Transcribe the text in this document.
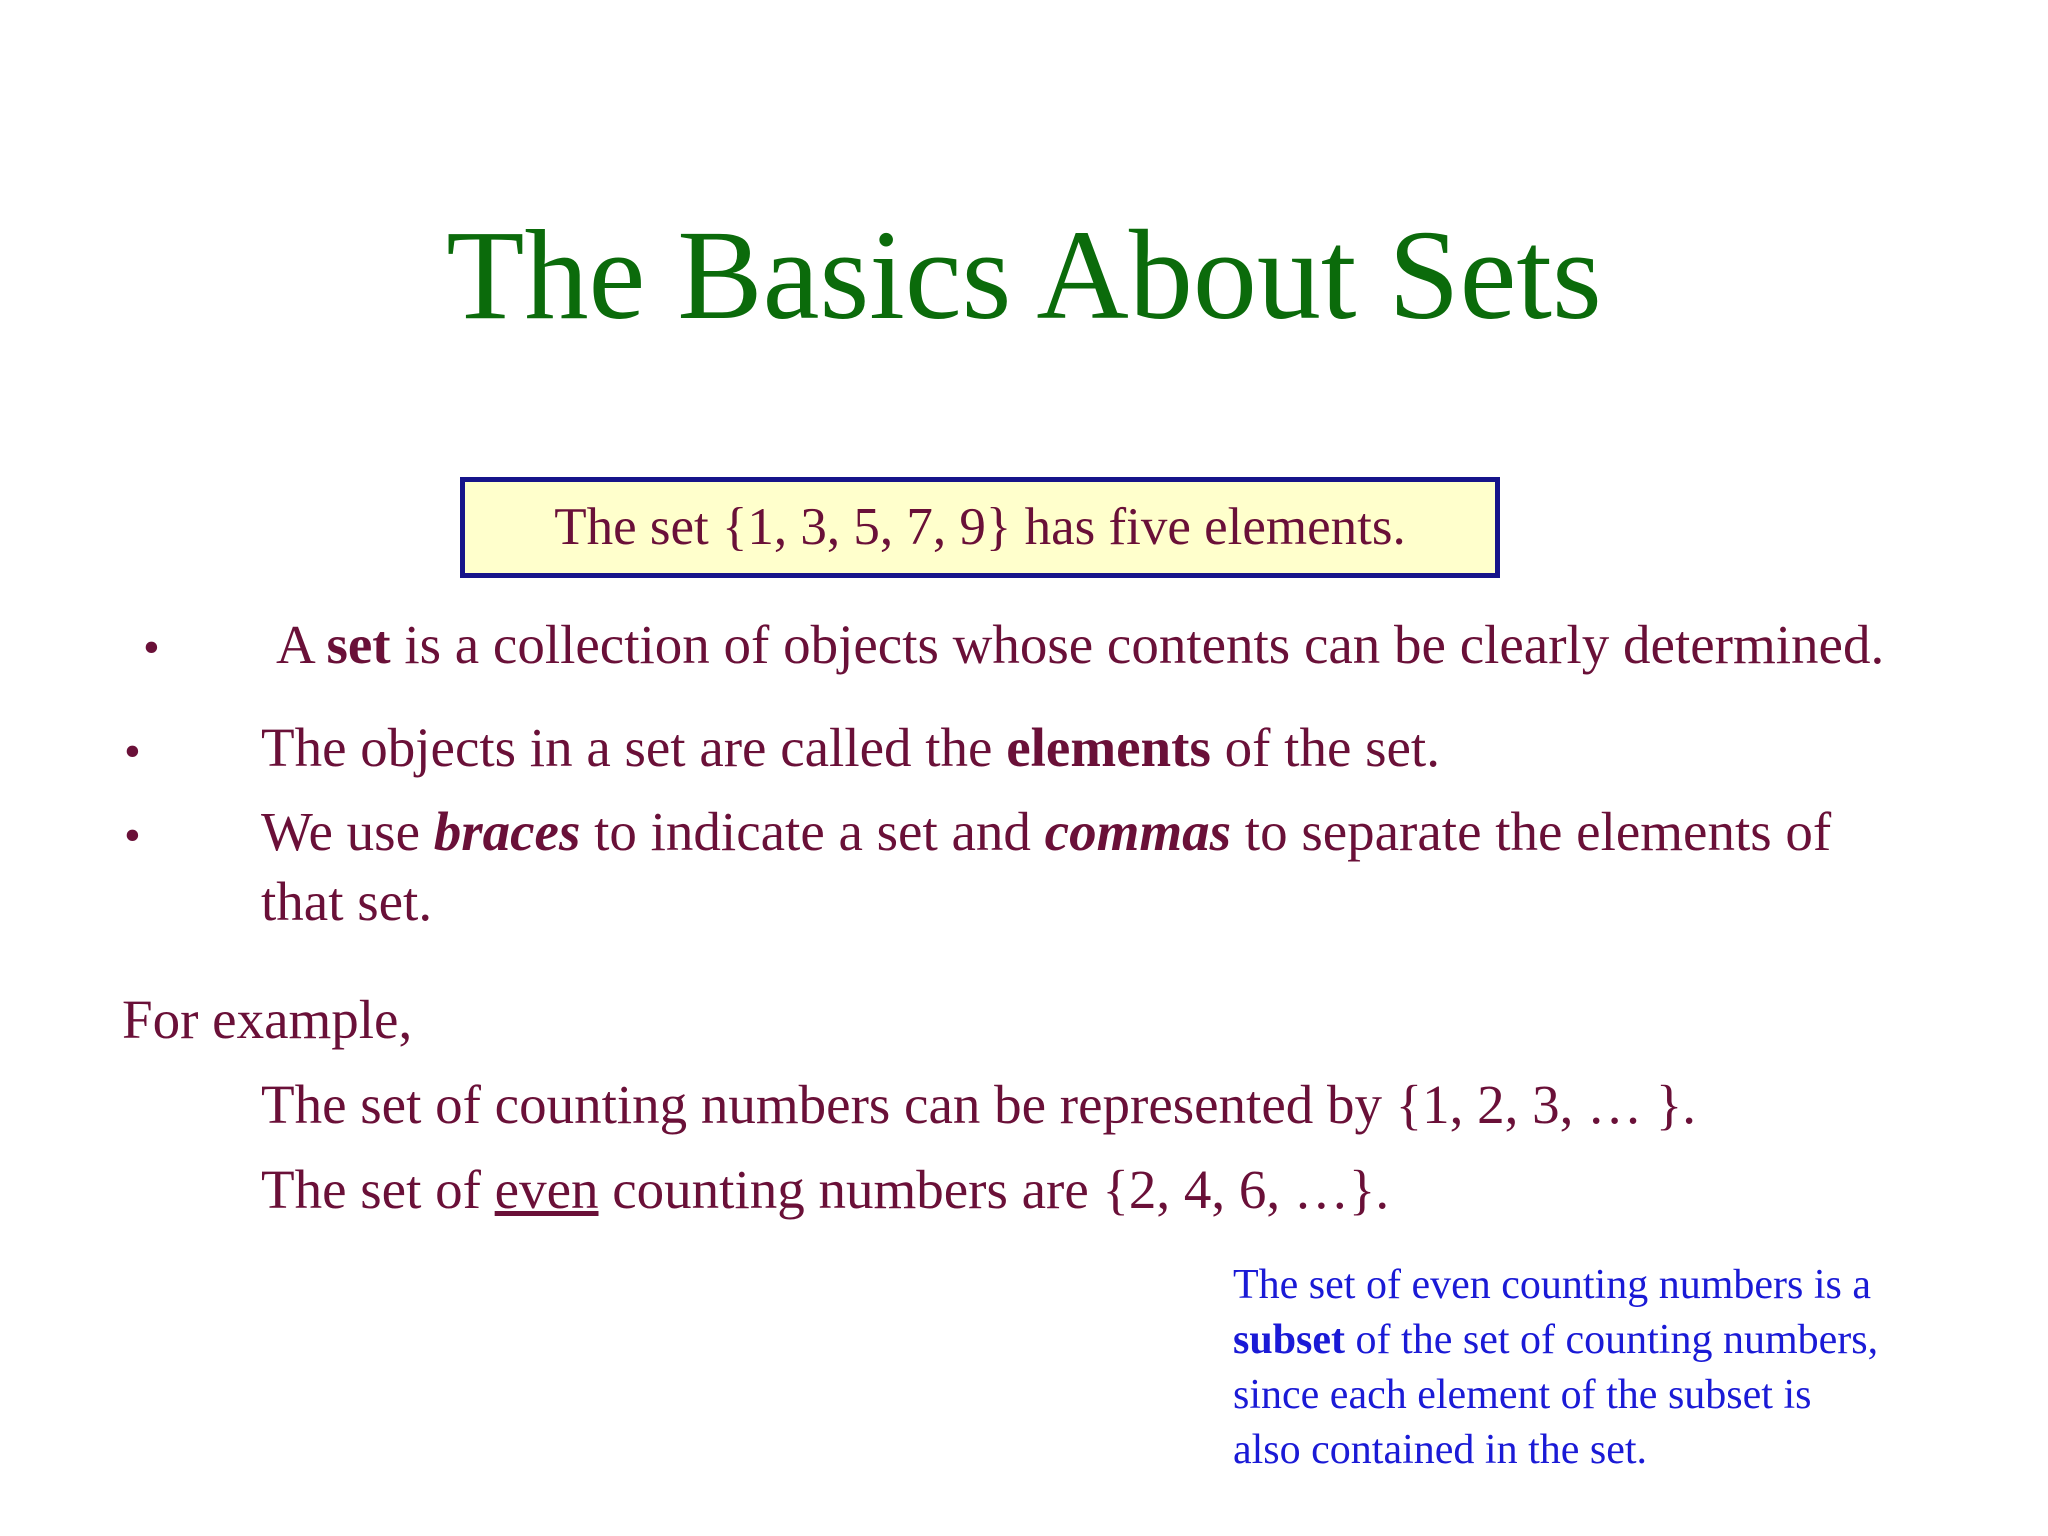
The Basics About Sets
The set {1, 3, 5, 7, 9} has five elements.
• A set is a collection of objects whose contents can be clearly determined.
• The objects in a set are called the elements of the set.
• We use braces to indicate a set and commas to separate the elements of
that set.
For example,
The set of counting numbers can be represented by {1, 2, 3, … }.
The set of even counting numbers are {2, 4, 6, …}.
The set of even counting numbers is a
subset of the set of counting numbers,
since each element of the subset is
also contained in the set.
